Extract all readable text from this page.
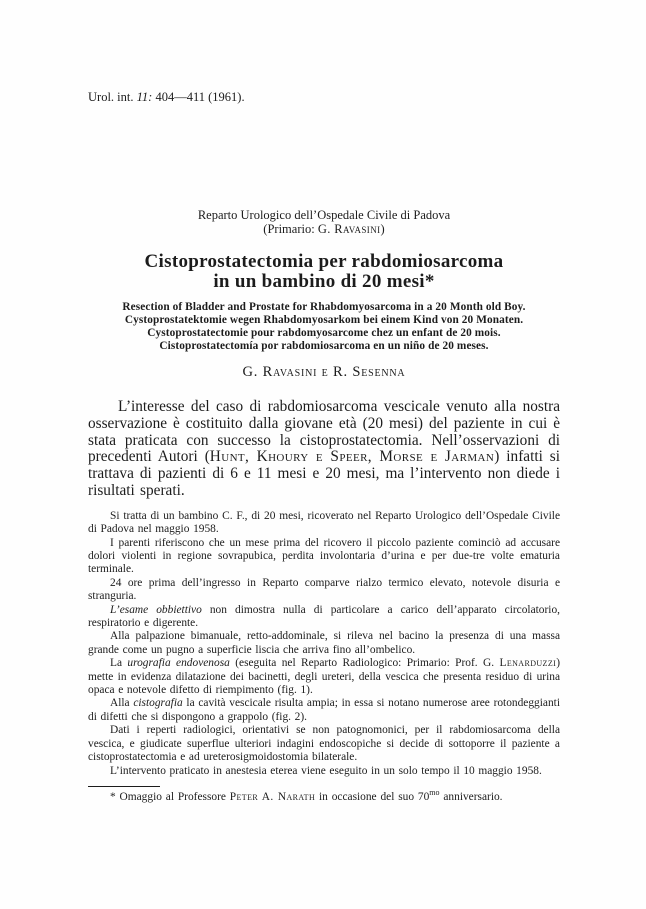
Urol. int. 11: 404—411 (1961).

Reparto Urologico dell’Ospedale Civile di Padova
(Primario: G. Ravasini)
Cistoprostatectomia per rabdomiosarcoma
in un bambino di 20 mesi*
Resection of Bladder and Prostate for Rhabdomyosarcoma in a 20 Month old Boy.
Cystoprostatektomie wegen Rhabdomyosarkom bei einem Kind von 20 Monaten.
Cystoprostatectomie pour rabdomyosarcome chez un enfant de 20 mois.
Cistoprostatectomía por rabdomiosarcoma en un niño de 20 meses.
G. Ravasini e R. Sesenna

L’interesse del caso di rabdomiosarcoma vescicale venuto alla nostra osservazione è costituito dalla giovane età (20 mesi) del paziente in cui è stata praticata con successo la cistoprostatectomia. Nell’osservazioni di precedenti Autori (Hunt, Khoury e Speer, Morse e Jarman) infatti si trattava di pazienti di 6 e 11 mesi e 20 mesi, ma l’intervento non diede i risultati sperati.

Si tratta di un bambino C. F., di 20 mesi, ricoverato nel Reparto Urologico dell’Ospedale Civile di Padova nel maggio 1958.

I parenti riferiscono che un mese prima del ricovero il piccolo paziente cominciò ad accusare dolori violenti in regione sovrapubica, perdita involontaria d’urina e per due-tre volte ematuria terminale.

24 ore prima dell’ingresso in Reparto comparve rialzo termico elevato, notevole disuria e stranguria.

L’esame obbiettivo non dimostra nulla di particolare a carico dell’apparato circolatorio, respiratorio e digerente.

Alla palpazione bimanuale, retto-addominale, si rileva nel bacino la presenza di una massa grande come un pugno a superficie liscia che arriva fino all’ombelico.

La urografia endovenosa (eseguita nel Reparto Radiologico: Primario: Prof. G. Lenarduzzi) mette in evidenza dilatazione dei bacinetti, degli ureteri, della vescica che presenta residuo di urina opaca e notevole difetto di riempimento (fig. 1).

Alla cistografia la cavità vescicale risulta ampia; in essa si notano numerose aree rotondeggianti di difetti che si dispongono a grappolo (fig. 2).

Dati i reperti radiologici, orientativi se non patognomonici, per il rabdomiosarcoma della vescica, e giudicate superflue ulteriori indagini endoscopiche si decide di sottoporre il paziente a cistoprostatectomia e ad ureterosigmoidostomia bilaterale.

L’intervento praticato in anestesia eterea viene eseguito in un solo tempo il 10 maggio 1958.

* Omaggio al Professore Peter A. Narath in occasione del suo $70^{mo}$ anniversario.
